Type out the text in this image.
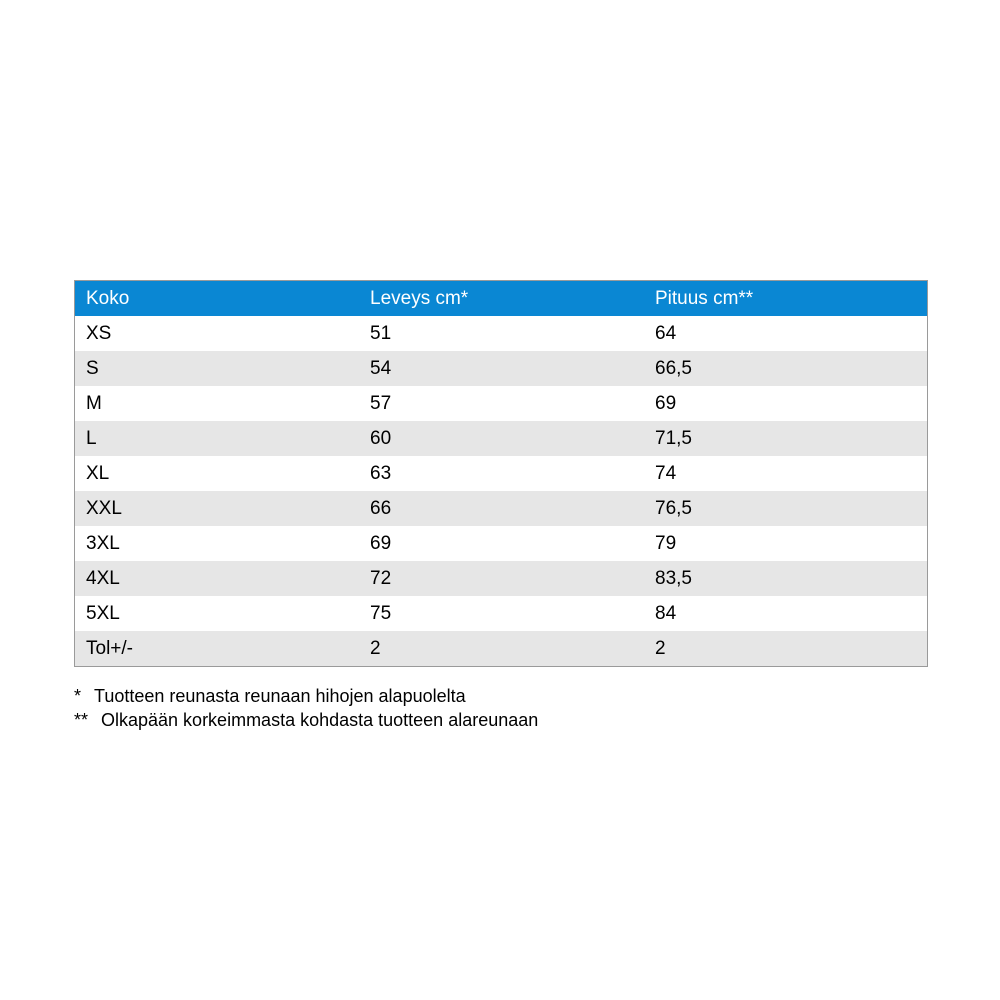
Koko	Leveys cm*	Pituus cm**
XS	51	64
S	54	66,5
M	57	69
L	60	71,5
XL	63	74
XXL	66	76,5
3XL	69	79
4XL	72	83,5
5XL	75	84
Tol+/-	2	2
* Tuotteen reunasta reunaan hihojen alapuolelta
** Olkapään korkeimmasta kohdasta tuotteen alareunaan
